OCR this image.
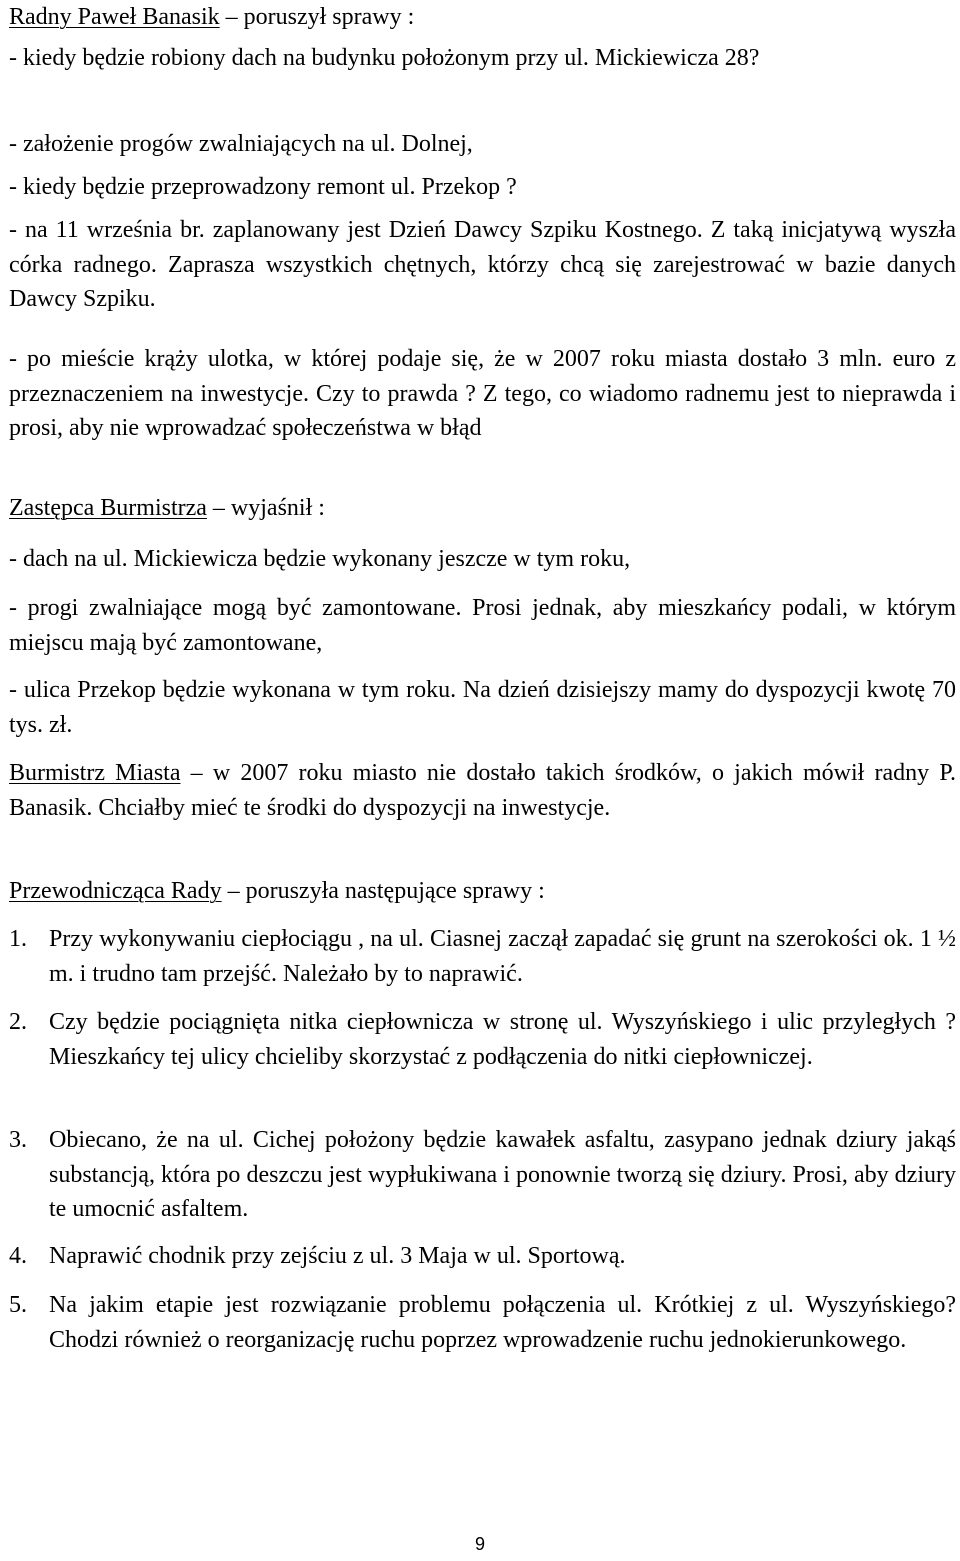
Radny Paweł Banasik – poruszył sprawy :
- kiedy będzie robiony dach na budynku położonym przy ul. Mickiewicza 28?
- założenie progów zwalniających na ul. Dolnej,
- kiedy będzie przeprowadzony remont ul. Przekop ?
- na 11 września br. zaplanowany jest Dzień Dawcy Szpiku Kostnego. Z taką inicjatywą wyszła córka radnego. Zaprasza wszystkich chętnych, którzy chcą się zarejestrować w bazie danych Dawcy Szpiku.
- po mieście krąży ulotka, w której podaje się, że w 2007 roku miasta dostało 3 mln. euro z przeznaczeniem na inwestycje. Czy to prawda ? Z tego, co wiadomo radnemu jest to nieprawda i prosi, aby nie wprowadzać społeczeństwa w błąd
Zastępca Burmistrza – wyjaśnił :
- dach na ul. Mickiewicza będzie wykonany jeszcze w tym roku,
- progi zwalniające mogą być zamontowane. Prosi jednak, aby mieszkańcy podali, w którym miejscu mają być zamontowane,
- ulica Przekop będzie wykonana w tym roku. Na dzień dzisiejszy mamy do dyspozycji kwotę 70 tys. zł.
Burmistrz Miasta – w 2007 roku miasto nie dostało takich środków, o jakich mówił radny P. Banasik. Chciałby mieć te środki do dyspozycji na inwestycje.
Przewodnicząca Rady – poruszyła następujące sprawy :
1. Przy wykonywaniu ciepłociągu , na ul. Ciasnej zaczął zapadać się grunt na szerokości ok. 1 ½ m. i trudno tam przejść. Należało by to naprawić.
2. Czy będzie pociągnięta nitka ciepłownicza w stronę ul. Wyszyńskiego i ulic przyległych ? Mieszkańcy tej ulicy chcieliby skorzystać z podłączenia do nitki ciepłowniczej.
3. Obiecano, że na ul. Cichej położony będzie kawałek asfaltu, zasypano jednak dziury jakąś substancją, która po deszczu jest wypłukiwana i ponownie tworzą się dziury. Prosi, aby dziury te umocnić asfaltem.
4. Naprawić chodnik przy zejściu z ul. 3 Maja w ul. Sportową.
5. Na jakim etapie jest rozwiązanie problemu połączenia ul. Krótkiej z ul. Wyszyńskiego? Chodzi również o reorganizację ruchu poprzez wprowadzenie ruchu jednokierunkowego.
9
